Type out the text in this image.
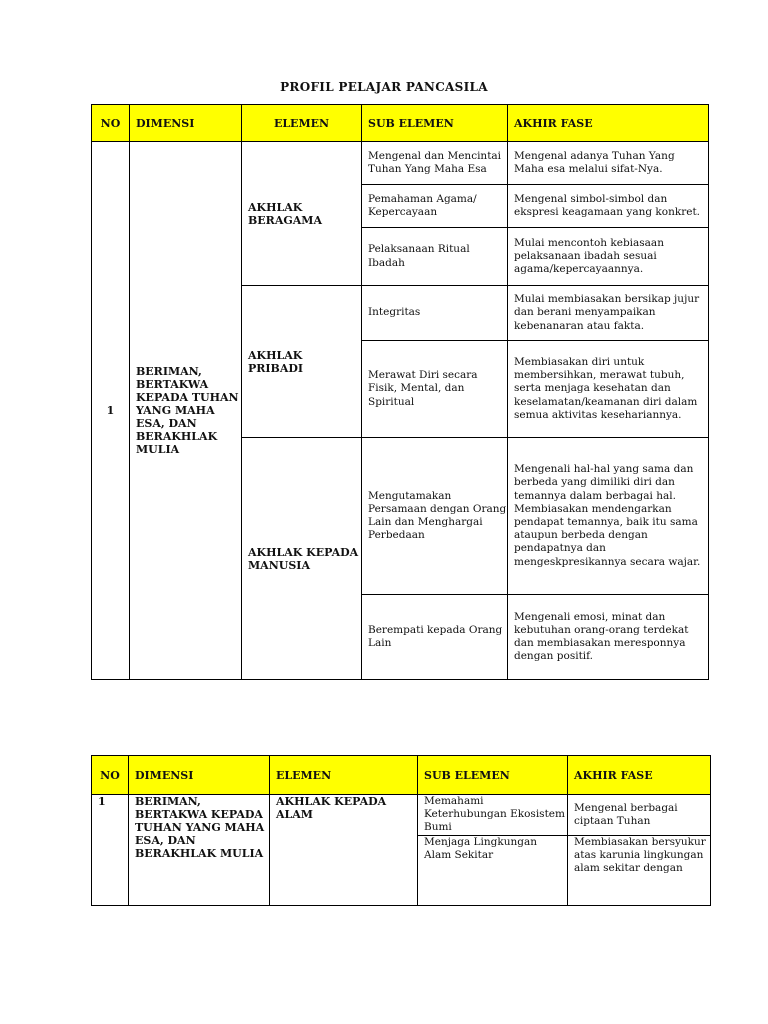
PROFIL PELAJAR PANCASILA
NO	DIMENSI	ELEMEN	SUB ELEMEN	AKHIR FASE
1	BERIMAN, BERTAKWA KEPADA TUHAN YANG MAHA ESA, DAN BERAKHLAK MULIA	AKHLAK BERAGAMA	Mengenal dan Mencintai Tuhan Yang Maha Esa	Mengenal adanya Tuhan Yang Maha esa melalui sifat-Nya.
			Pemahaman Agama/ Kepercayaan	Mengenal simbol-simbol dan ekspresi keagamaan yang konkret.
			Pelaksanaan Ritual Ibadah	Mulai mencontoh kebiasaan pelaksanaan ibadah sesuai agama/kepercayaannya.
		AKHLAK PRIBADI	Integritas	Mulai membiasakan bersikap jujur dan berani menyampaikan kebenanaran atau fakta.
			Merawat Diri secara Fisik, Mental, dan Spiritual	Membiasakan diri untuk membersihkan, merawat tubuh, serta menjaga kesehatan dan keselamatan/keamanan diri dalam semua aktivitas kesehariannya.
		AKHLAK KEPADA MANUSIA	Mengutamakan Persamaan dengan Orang Lain dan Menghargai Perbedaan	Mengenali hal-hal yang sama dan berbeda yang dimiliki diri dan temannya dalam berbagai hal. Membiasakan mendengarkan pendapat temannya, baik itu sama ataupun berbeda dengan pendapatnya dan mengeskpresikannya secara wajar.
			Berempati kepada Orang Lain	Mengenali emosi, minat dan kebutuhan orang-orang terdekat dan membiasakan meresponnya dengan positif.
NO	DIMENSI	ELEMEN	SUB ELEMEN	AKHIR FASE
1	BERIMAN, BERTAKWA KEPADA TUHAN YANG MAHA ESA, DAN BERAKHLAK MULIA	AKHLAK KEPADA ALAM	Memahami Keterhubungan Ekosistem Bumi	Mengenal berbagai ciptaan Tuhan
			Menjaga Lingkungan Alam Sekitar	Membiasakan bersyukur atas karunia lingkungan alam sekitar dengan
